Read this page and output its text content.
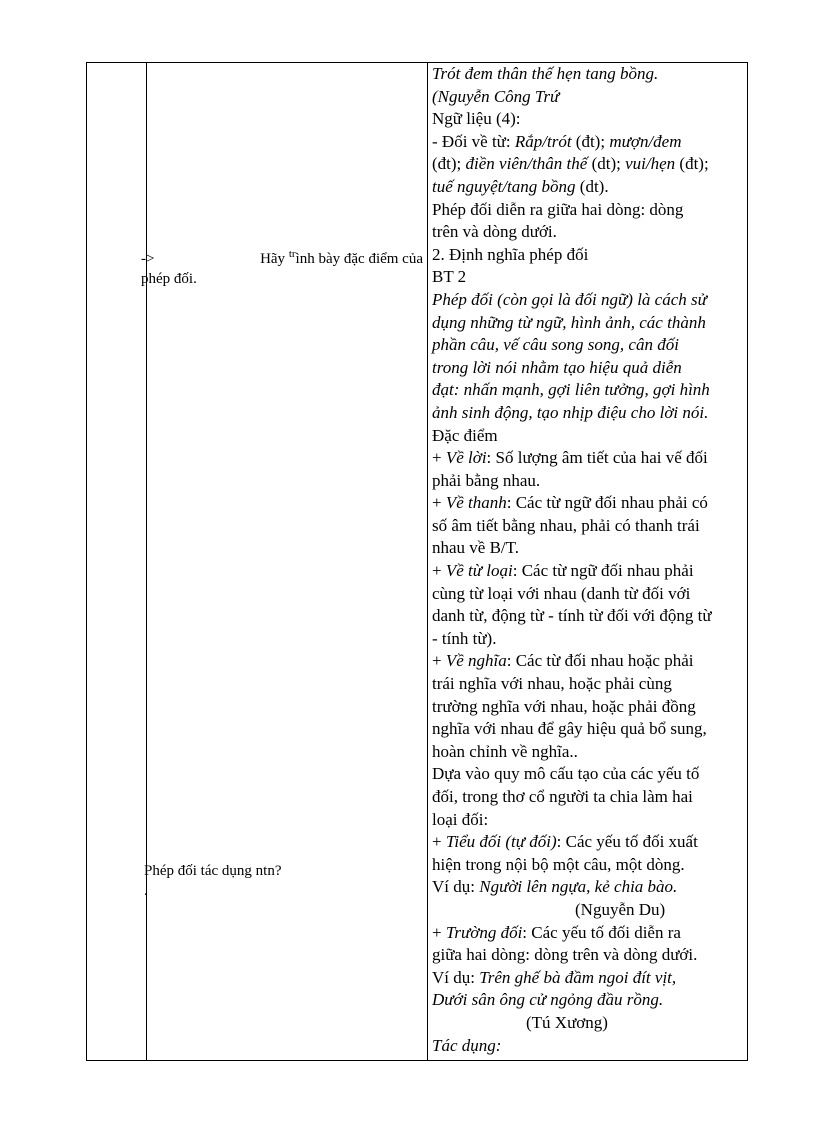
->	Hãy $^{tr}$ình bày đặc điểm của
phép đối.
Phép đối tác dụng ntn?
.
Trót đem thân thế hẹn tang bồng.
(Nguyễn Công Trứ
Ngữ liệu (4):
- Đối về từ: Rắp/trót (đt); mượn/đem
(đt); điền viên/thân thế (dt); vui/hẹn (đt);
tuế nguyệt/tang bồng (dt).
Phép đối diễn ra giữa hai dòng: dòng
trên và dòng dưới.
2. Định nghĩa phép đối
BT 2
Phép đối (còn gọi là đối ngữ) là cách sử
dụng những từ ngữ, hình ảnh, các thành
phần câu, vế câu song song, cân đối
trong lời nói nhằm tạo hiệu quả diễn
đạt: nhấn mạnh, gợi liên tưởng, gợi hình
ảnh sinh động, tạo nhịp điệu cho lời nói.
Đặc điểm
+ Về lời: Số lượng âm tiết của hai vế đối
phải bằng nhau.
+ Về thanh: Các từ ngữ đối nhau phải có
số âm tiết bằng nhau, phải có thanh trái
nhau về B/T.
+ Về từ loại: Các từ ngữ đối nhau phải
cùng từ loại với nhau (danh từ đối với
danh từ, động từ - tính từ đối với động từ
- tính từ).
+ Về nghĩa: Các từ đối nhau hoặc phải
trái nghĩa với nhau, hoặc phải cùng
trường nghĩa với nhau, hoặc phải đồng
nghĩa với nhau để gây hiệu quả bổ sung,
hoàn chỉnh về nghĩa..
Dựa vào quy mô cấu tạo của các yếu tố
đối, trong thơ cổ người ta chia làm hai
loại đối:
+ Tiểu đối (tự đối): Các yếu tố đối xuất
hiện trong nội bộ một câu, một dòng.
Ví dụ: Người lên ngựa, kẻ chia bào.
(Nguyễn Du)
+ Trường đối: Các yếu tố đối diễn ra
giữa hai dòng: dòng trên và dòng dưới.
Ví dụ: Trên ghế bà đầm ngoi đít vịt,
Dưới sân ông cử ngỏng đầu rồng.
(Tú Xương)
Tác dụng:
